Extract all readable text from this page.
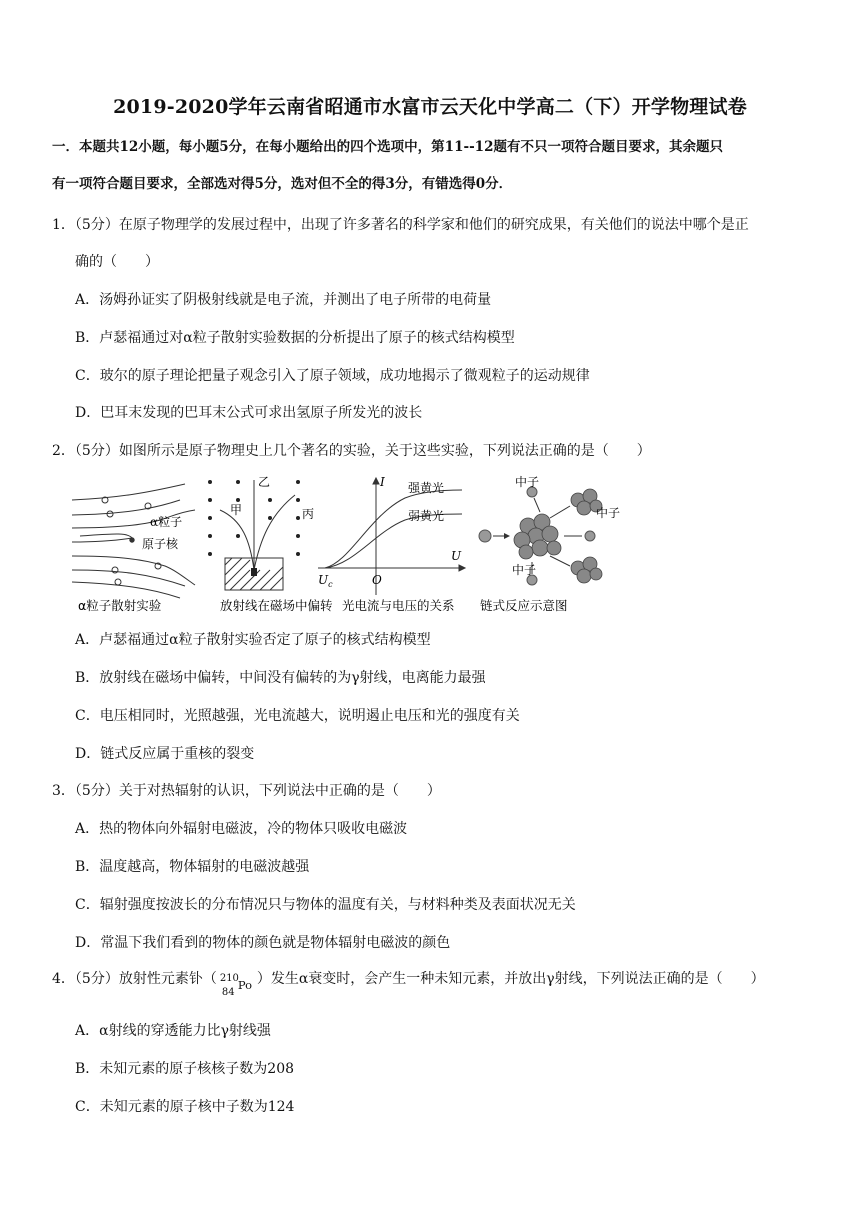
2019-2020学年云南省昭通市水富市云天化中学高二（下）开学物理试卷
一．本题共12小题，每小题5分，在每小题给出的四个选项中，第11--12题有不只一项符合题目要求，其余题只
有一项符合题目要求，全部选对得5分，选对但不全的得3分，有错选得0分．
1．（5分）在原子物理学的发展过程中，出现了许多著名的科学家和他们的研究成果，有关他们的说法中哪个是正
确的（　　）
A．汤姆孙证实了阴极射线就是电子流，并测出了电子所带的电荷量
B．卢瑟福通过对α粒子散射实验数据的分析提出了原子的核式结构模型
C．玻尔的原子理论把量子观念引入了原子领域，成功地揭示了微观粒子的运动规律
D．巴耳末发现的巴耳末公式可求出氢原子所发光的波长
2．（5分）如图所示是原子物理史上几个著名的实验，关于这些实验，下列说法正确的是（　　）
α粒子
原子核
甲
乙
丙
I
U
$U_c$	O
强黄光
弱黄光
中子
中子
中子
α粒子散射实验	放射线在磁场中偏转 光电流与电压的关系 链式反应示意图
A．卢瑟福通过α粒子散射实验否定了原子的核式结构模型
B．放射线在磁场中偏转，中间没有偏转的为γ射线，电离能力最强
C．电压相同时，光照越强，光电流越大，说明遏止电压和光的强度有关
D．链式反应属于重核的裂变
3．（5分）关于对热辐射的认识，下列说法中正确的是（　　）
A．热的物体向外辐射电磁波，冷的物体只吸收电磁波
B．温度越高，物体辐射的电磁波越强
C．辐射强度按波长的分布情况只与物体的温度有关，与材料种类及表面状况无关
D．常温下我们看到的物体的颜色就是物体辐射电磁波的颜色
4．（5分）放射性元素钋（ 210
84
Po ）发生α衰变时，会产生一种未知元素，并放出γ射线，下列说法正确的是（　　）
A．α射线的穿透能力比γ射线强
B．未知元素的原子核核子数为208
C．未知元素的原子核中子数为124
